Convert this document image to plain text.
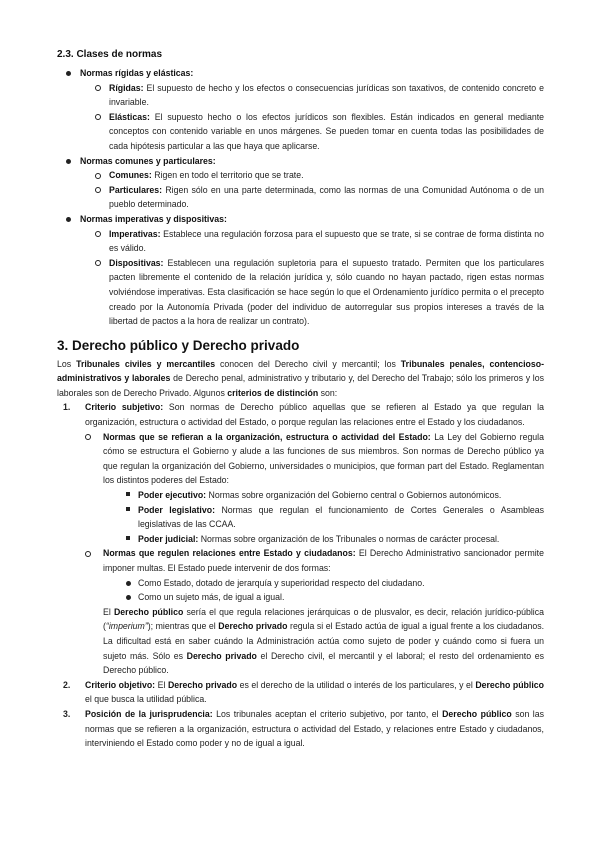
2.3. Clases de normas
Normas rígidas y elásticas:

Rígidas: El supuesto de hecho y los efectos o consecuencias jurídicas son taxativos, de contenido concreto e invariable.

Elásticas: El supuesto hecho o los efectos jurídicos son flexibles. Están indicados en general mediante conceptos con contenido variable en unos márgenes. Se pueden tomar en cuenta todas las posibilidades de cada hipótesis particular a las que haya que aplicarse.

Normas comunes y particulares:

Comunes: Rigen en todo el territorio que se trate.

Particulares: Rigen sólo en una parte determinada, como las normas de una Comunidad Autónoma o de un pueblo determinado.

Normas imperativas y dispositivas:

Imperativas: Establece una regulación forzosa para el supuesto que se trate, si se contrae de forma distinta no es válido.

Dispositivas: Establecen una regulación supletoria para el supuesto tratado. Permiten que los particulares pacten libremente el contenido de la relación jurídica y, sólo cuando no hayan pactado, rigen estas normas volviéndose imperativas. Esta clasificación se hace según lo que el Ordenamiento jurídico permita o el precepto creado por la Autonomía Privada (poder del individuo de autorregular sus propios intereses a través de la libertad de pactos a la hora de realizar un contrato).

3. Derecho público y Derecho privado

Los Tribunales civiles y mercantiles conocen del Derecho civil y mercantil; los Tribunales penales, contencioso-administrativos y laborales de Derecho penal, administrativo y tributario y, del Derecho del Trabajo; sólo los primeros y los laborales son de Derecho Privado. Algunos criterios de distinción son:

1.	Criterio subjetivo: Son normas de Derecho público aquellas que se refieren al Estado ya que regulan la organización, estructura o actividad del Estado, o porque regulan las relaciones entre el Estado y los ciudadanos.

Normas que se refieran a la organización, estructura o actividad del Estado: La Ley del Gobierno regula cómo se estructura el Gobierno y alude a las funciones de sus miembros. Son normas de Derecho público ya que regulan la organización del Gobierno, universidades o municipios, que forman part del Estado. Reglamentan los distintos poderes del Estado:

Poder ejecutivo: Normas sobre organización del Gobierno central o Gobiernos autonómicos.

Poder legislativo: Normas que regulan el funcionamiento de Cortes Generales o Asambleas legislativas de las CCAA.

Poder judicial: Normas sobre organización de los Tribunales o normas de carácter procesal.

Normas que regulen relaciones entre Estado y ciudadanos: El Derecho Administrativo sancionador permite imponer multas. El Estado puede intervenir de dos formas:

Como Estado, dotado de jerarquía y superioridad respecto del ciudadano.

Como un sujeto más, de igual a igual.

El Derecho público sería el que regula relaciones jerárquicas o de plusvalor, es decir, relación jurídico-pública (“imperium”); mientras que el Derecho privado regula si el Estado actúa de igual a igual frente a los ciudadanos. La dificultad está en saber cuándo la Administración actúa como sujeto de poder y cuándo como si fuera un sujeto más. Sólo es Derecho privado el Derecho civil, el mercantil y el laboral; el resto del ordenamiento es Derecho público.

2.	Criterio objetivo: El Derecho privado es el derecho de la utilidad o interés de los particulares, y el Derecho público el que busca la utilidad pública.

3.	Posición de la jurisprudencia: Los tribunales aceptan el criterio subjetivo, por tanto, el Derecho público son las normas que se refieren a la organización, estructura o actividad del Estado, y relaciones entre Estado y ciudadanos, interviniendo el Estado como poder y no de igual a igual.
